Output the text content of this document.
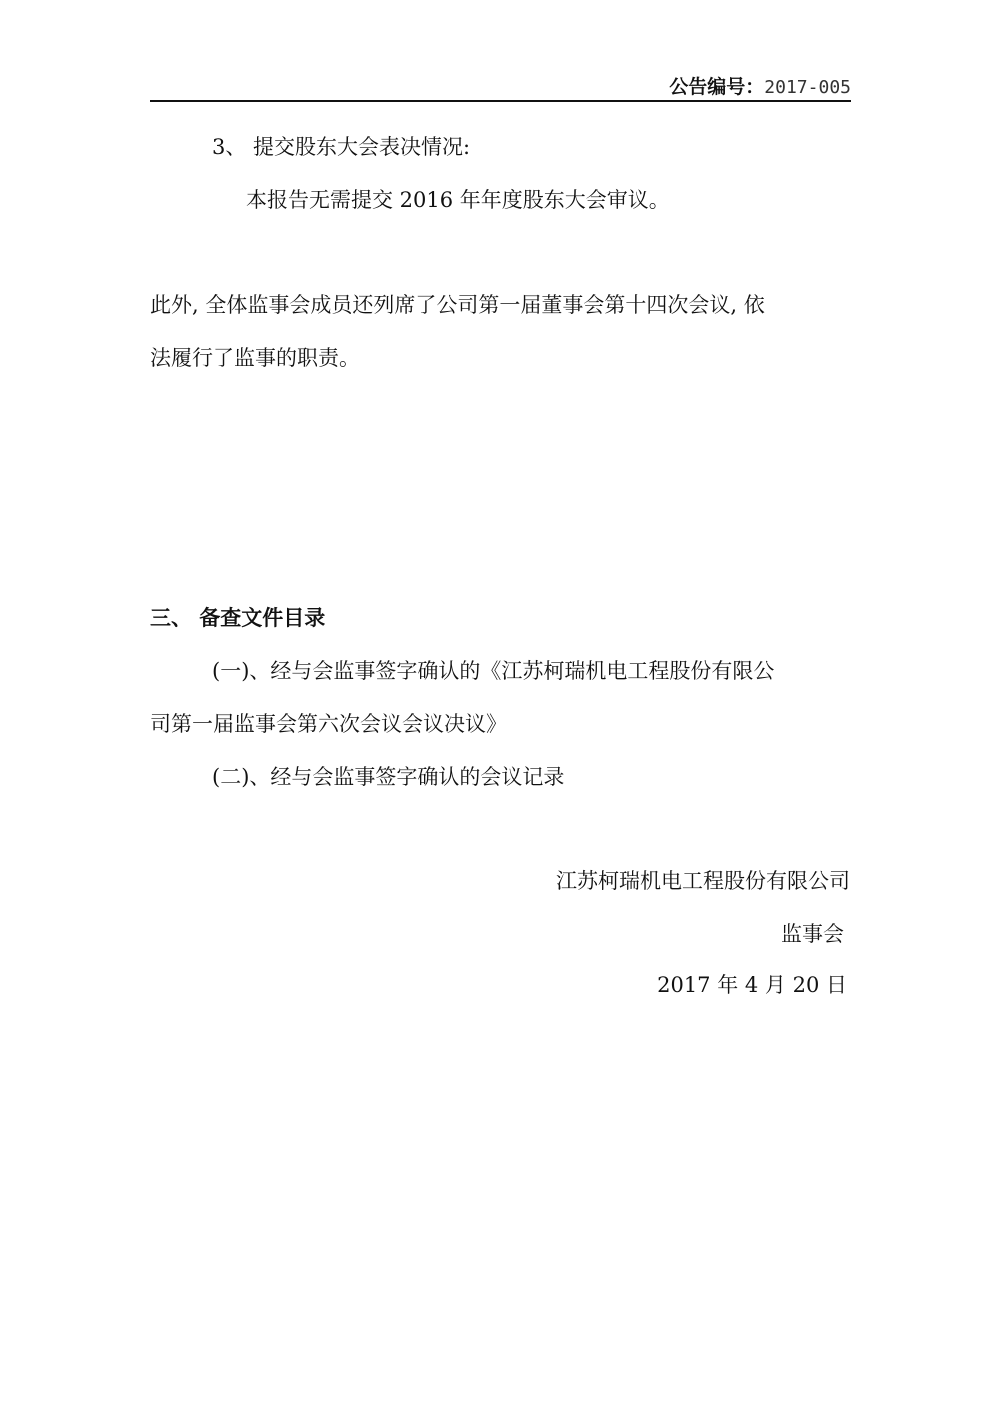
公告编号：2017-005
3、 提交股东大会表决情况:
本报告无需提交 2016 年年度股东大会审议。
此外, 全体监事会成员还列席了公司第一届董事会第十四次会议, 依
法履行了监事的职责。
三、 备查文件目录
(一)、经与会监事签字确认的《江苏柯瑞机电工程股份有限公
司第一届监事会第六次会议会议决议》
(二)、经与会监事签字确认的会议记录
江苏柯瑞机电工程股份有限公司
监事会
2017 年 4 月 20 日
